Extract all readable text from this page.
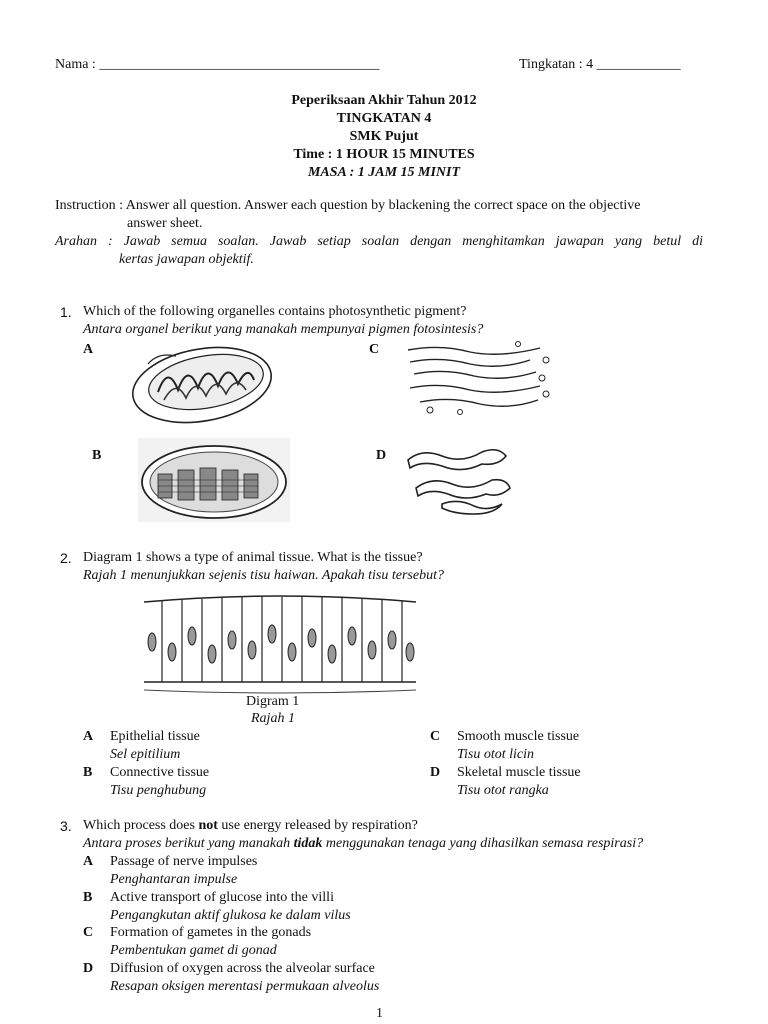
Nama : ________________________________________	Tingkatan : 4 ____________
Peperiksaan Akhir Tahun 2012
TINGKATAN 4
SMK Pujut
Time : 1 HOUR 15 MINUTES
MASA : 1 JAM 15 MINIT
Instruction : Answer all question. Answer each question by blackening the correct space on the objective
answer sheet.
Arahan : Jawab semua soalan. Jawab setiap soalan dengan menghitamkan jawapan yang betul di
kertas jawapan objektif.
1. Which of the following organelles contains photosynthetic pigment?
Antara organel berikut yang manakah mempunyai pigmen fotosintesis?
A
B
C
D
2. Diagram 1 shows a type of animal tissue. What is the tissue?
Rajah 1 menunjukkan sejenis tisu haiwan. Apakah tisu tersebut?
Digram 1
Rajah 1
A Epithelial tissue
Sel epitilium
B Connective tissue
Tisu penghubung
C Smooth muscle tissue
Tisu otot licin
D Skeletal muscle tissue
Tisu otot rangka
3. Which process does not use energy released by respiration?
Antara proses berikut yang manakah tidak menggunakan tenaga yang dihasilkan semasa respirasi?
A Passage of nerve impulses
Penghantaran impulse
B Active transport of glucose into the villi
Pengangkutan aktif glukosa ke dalam vilus
C Formation of gametes in the gonads
Pembentukan gamet di gonad
D Diffusion of oxygen across the alveolar surface
Resapan oksigen merentasi permukaan alveolus
1
